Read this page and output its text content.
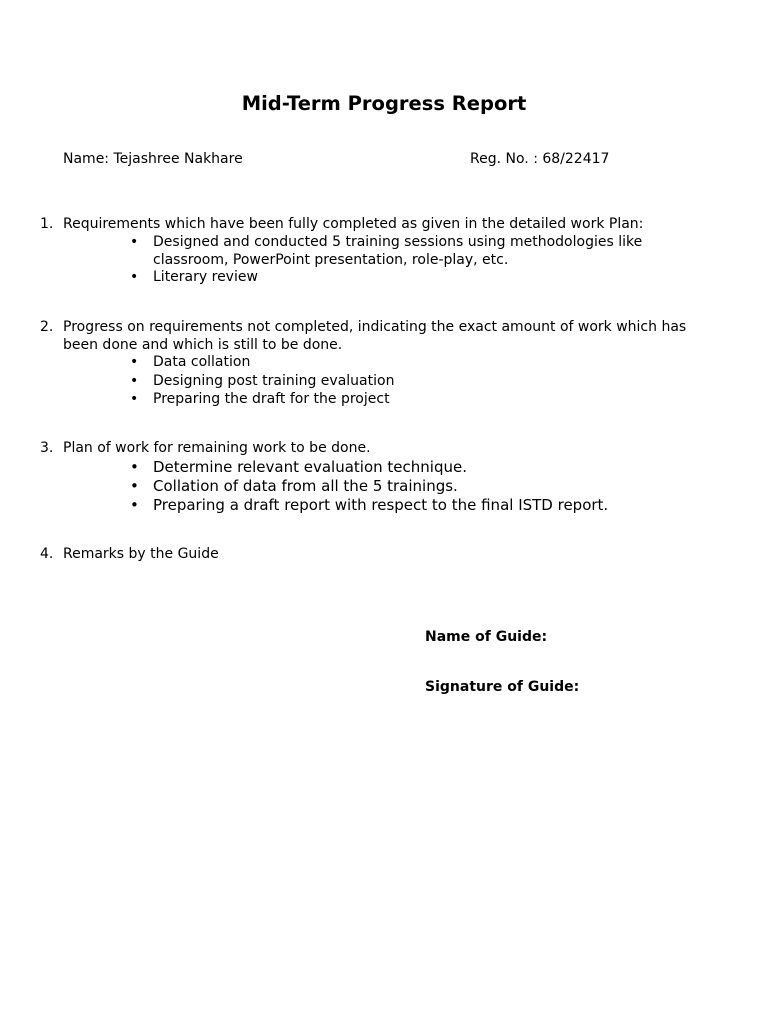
Mid-Term Progress Report
Name: Tejashree Nakhare	Reg. No. : 68/22417
1. Requirements which have been fully completed as given in the detailed work Plan:
• Designed and conducted 5 training sessions using methodologies like classroom, PowerPoint presentation, role-play, etc.
• Literary review
2. Progress on requirements not completed, indicating the exact amount of work which has been done and which is still to be done.
• Data collation
• Designing post training evaluation
• Preparing the draft for the project
3. Plan of work for remaining work to be done.
• Determine relevant evaluation technique.
• Collation of data from all the 5 trainings.
• Preparing a draft report with respect to the final ISTD report.
4. Remarks by the Guide
Name of Guide:
Signature of Guide:
